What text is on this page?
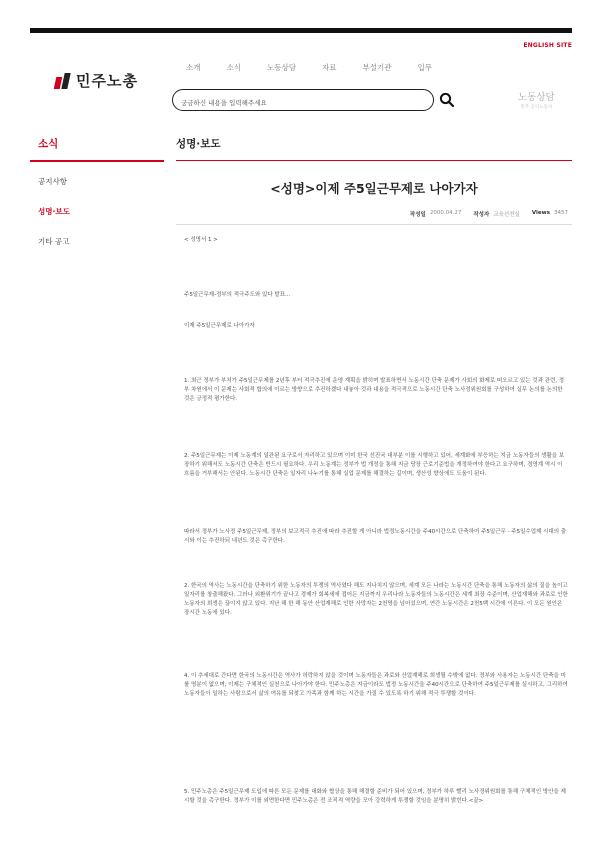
ENGLISH SITE
민주노총
소개	소식	노동상담	자료	부설기관	입무
궁금하신 내용을 입력해주세요
노동상담
민주 공익노동사
소식
공지사항
성명·보도
기타 공고
성명·보도
<성명>이제 주5일근무제로 나아가자
작성일 2000.04.27 작성자 교육선전실 Views 3457

< 성명서 1 >

주5일근무제-정부의 적극주도와 있다 발표...

이제 주5일근무제로 나아가자

1. 최근 정부가 부처가 주5일근무제를 2년후 부터 적극추진에 운영 계획을 밝히며 발표하면서 노동시간 단축 문제가 사회의 화제로 떠오르고 있는 것과 관련, 정부 차원에서 이 문제는 사회적 합의에 이르는 방향으로 추진하겠다 내놓아 것과 내용을 적극적으로 노동시간 단축 노사정위원회를 구성하여 실무 논의를 논의한 것은 긍정적 평가한다.

2. 주5일근무제는 이제 노동계의 일관된 요구로서 자리하고 있으며 이미 한국 선진국 대부분 이를 시행하고 있어, 세계화에 부응하는 지금 노동자들의 생활을 보장하기 위해서도 노동시간 단축은 반드시 필요하다. 우리 노동계는 정부가 법 개정을 통해 지금 당장 근로기준법을 개정하여야 한다고 요구하며, 경영계 역시 이 흐름을 거부해서는 안된다. 노동시간 단축은 일자리 나누기를 통해 실업 문제를 해결하는 길이며, 생산성 향상에도 도움이 된다.

따라서 정부가 노사정 주5일근무제, 정부의 보고적극 추진에 따라 추진할 게 아니라 법정노동시간을 주40시간으로 단축하여 주5일근무 - 주5일수업제 시대의 출시와 이는 추진하되 내년도 것은 촉구한다.

2. 한국의 역사는 노동시간을 단축하기 위한 노동자의 투쟁의 역사였다 해도 지나치지 않으며, 세계 모든 나라는 노동시간 단축을 통해 노동자의 삶의 질을 높이고 일자리를 창출해왔다. 그러나 외환위기가 끝나고 경제가 회복세에 접어든 지금까지 우리나라 노동자들의 노동시간은 세계 최장 수준이며, 산업재해와 과로로 인한 노동자의 희생은 끊이지 않고 있다. 지난 해 한 해 동안 산업재해로 인한 사망자는 2천명을 넘어섰으며, 연간 노동시간은 2천5백 시간에 이른다. 이 모든 원인은 장시간 노동에 있다.

4. 이 추세대로 간다면 한국의 노동시간은 역사가 허락하지 않을 것이며 노동자들은 과로와 산업재해로 희생될 수밖에 없다. 정부와 사용자는 노동시간 단축을 미룰 명분이 없으며, 이제는 구체적인 실천으로 나아가야 한다. 민주노총은 지금이라도 법정 노동시간을 주40시간으로 단축하여 주5일근무제를 실시하고, 그리하여 노동자들이 일하는 사람으로서 삶의 여유를 되찾고 가족과 함께 하는 시간을 가질 수 있도록 하기 위해 적극 투쟁할 것이다.

5. 민주노총은 주5일근무제 도입에 따른 모든 문제를 대화와 협상을 통해 해결할 준비가 되어 있으며, 정부가 하루 빨리 노사정위원회를 통해 구체적인 방안을 제시할 것을 촉구한다. 정부가 이를 외면한다면 민주노총은 전 조직적 역량을 모아 강력하게 투쟁할 것임을 분명히 밝힌다.<끝>
